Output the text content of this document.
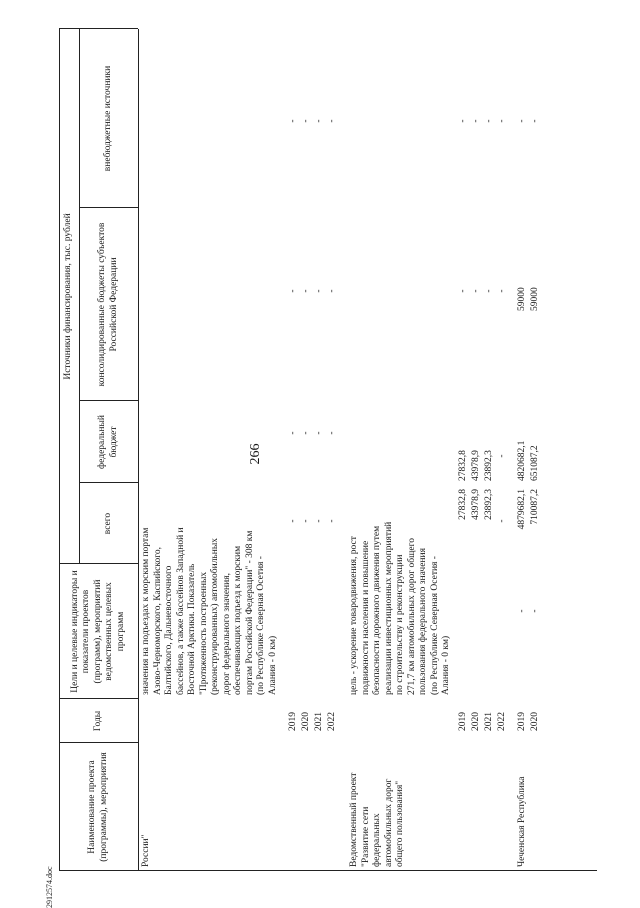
266
2912574.doc
Наименование проекта (программы), мероприятия
Годы
Цели и целевые индикаторы и показатели проектов (программ), мероприятий ведомственных целевых программ
Источники финансирования, тыс. рублей
всего
федеральный бюджет
консолидированные бюджеты субъектов Российской Федерации
внебюджетные источники
России"
значения на подъездах к морским портам Азово-Черноморского, Каспийского, Балтийского, Дальневосточного бассейнов, а также бассейнов Западной и Восточной Арктики. Показатель "Протяженность построенных (реконструированных) автомобильных дорог федерального значения, обеспечивающих подъезд к морским портам Российской Федерации" - 308 км (по Республике Северная Осетия - Алания - 0 км)
2019
-
-
-
-
2020
-
-
-
-
2021
-
-
-
-
2022
-
-
-
-
Ведомственный проект "Развитие сети федеральных автомобильных дорог общего пользования"
цель - ускорение товародвижения, рост подвижности населения и повышение безопасности дорожного движения путем реализации инвестиционных мероприятий по строительству и реконструкции 271,7 км автомобильных дорог общего пользования федерального значения (по Республике Северная Осетия - Алания - 0 км)
2019
27832,8
27832,8
-
-
2020
43978,9
43978,9
-
-
2021
23892,3
23892,3
-
-
2022
-
-
-
-
Чеченская Республика
2019
-
4879682,1
4820682,1
59000
-
2020
-
710087,2
651087,2
59000
-
